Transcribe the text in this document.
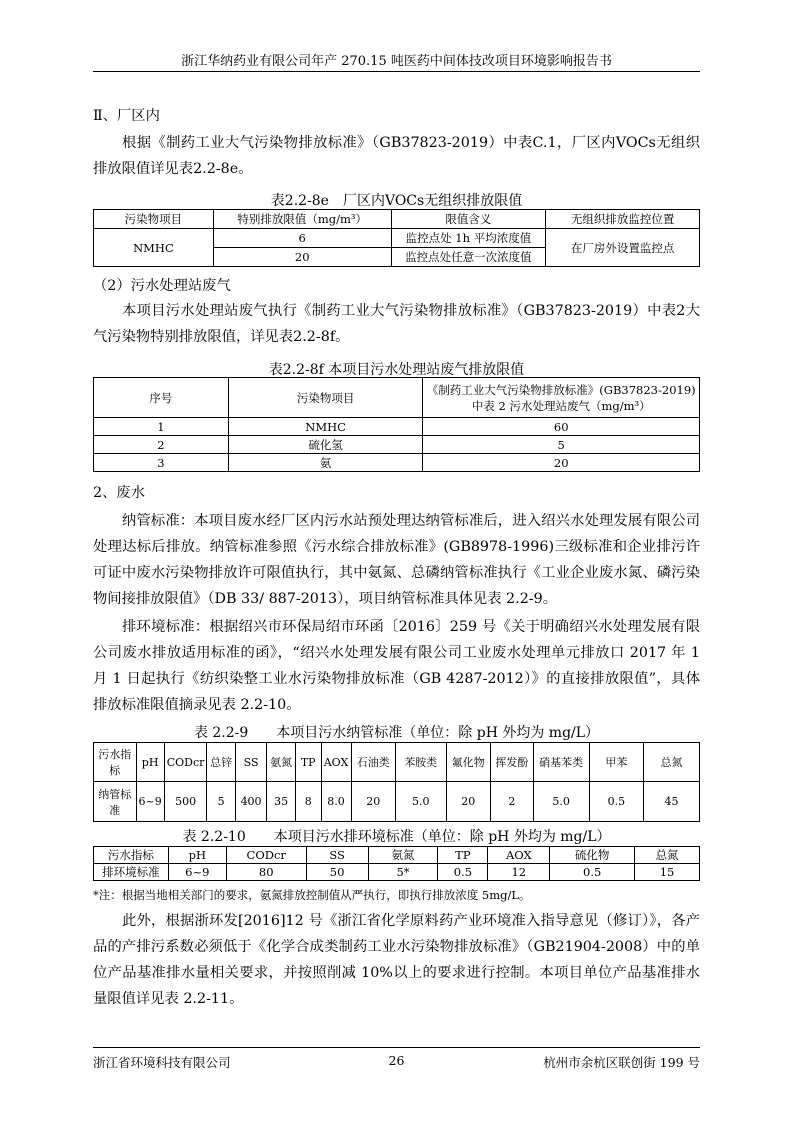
浙江华纳药业有限公司年产 270.15 吨医药中间体技改项目环境影响报告书
Ⅱ、厂区内
根据《制药工业大气污染物排放标准》（GB37823-2019）中表C.1，厂区内VOCs无组织排放限值详见表2.2-8e。
表2.2-8e　厂区内VOCs无组织排放限值
污染物项目	特别排放限值（mg/m³）	限值含义	无组织排放监控位置
NMHC	6	监控点处 1h 平均浓度值	在厂房外设置监控点
	20	监控点处任意一次浓度值	
（2）污水处理站废气
本项目污水处理站废气执行《制药工业大气污染物排放标准》（GB37823-2019）中表2大气污染物特别排放限值，详见表2.2-8f。
表2.2-8f 本项目污水处理站废气排放限值
序号	污染物项目	《制药工业大气污染物排放标准》(GB37823-2019)
中表 2 污水处理站废气（mg/m³）

1	NMHC	60
2	硫化氢	5
3	氨	20
2、废水
纳管标准：本项目废水经厂区内污水站预处理达纳管标准后，进入绍兴水处理发展有限公司处理达标后排放。纳管标准参照《污水综合排放标准》(GB8978-1996)三级标准和企业排污许可证中废水污染物排放许可限值执行，其中氨氮、总磷纳管标准执行《工业企业废水氮、磷污染物间接排放限值》（DB 33/ 887-2013），项目纳管标准具体见表 2.2-9。
排环境标准：根据绍兴市环保局绍市环函〔2016〕259 号《关于明确绍兴水处理发展有限公司废水排放适用标准的函》，“绍兴水处理发展有限公司工业废水处理单元排放口 2017 年 1 月 1 日起执行《纺织染整工业水污染物排放标准（GB 4287-2012）》的直接排放限值”，具体排放标准限值摘录见表 2.2-10。
表 2.2-9　　本项目污水纳管标准（单位：除 pH 外均为 mg/L）
污水指标	pH	CODcr	总锌	SS	氨氮	TP	AOX	石油类	苯胺类	氟化物	挥发酚	硝基苯类	甲苯	总氮
纳管标准	6~9	500	5	400	35	8	8.0	20	5.0	20	2	5.0	0.5	45
表 2.2-10　　本项目污水排环境标准（单位：除 pH 外均为 mg/L）
污水指标	pH	CODcr	SS	氨氮	TP	AOX	硫化物	总氮
排环境标准	6~9	80	50	5*	0.5	12	0.5	15
*注：根据当地相关部门的要求，氨氮排放控制值从严执行，即执行排放浓度 5mg/L。
此外，根据浙环发[2016]12 号《浙江省化学原料药产业环境准入指导意见（修订）》，各产品的产排污系数必须低于《化学合成类制药工业水污染物排放标准》（GB21904-2008）中的单位产品基准排水量相关要求，并按照削减 10%以上的要求进行控制。本项目单位产品基准排水量限值详见表 2.2-11。
浙江省环境科技有限公司	26	杭州市余杭区联创街 199 号
